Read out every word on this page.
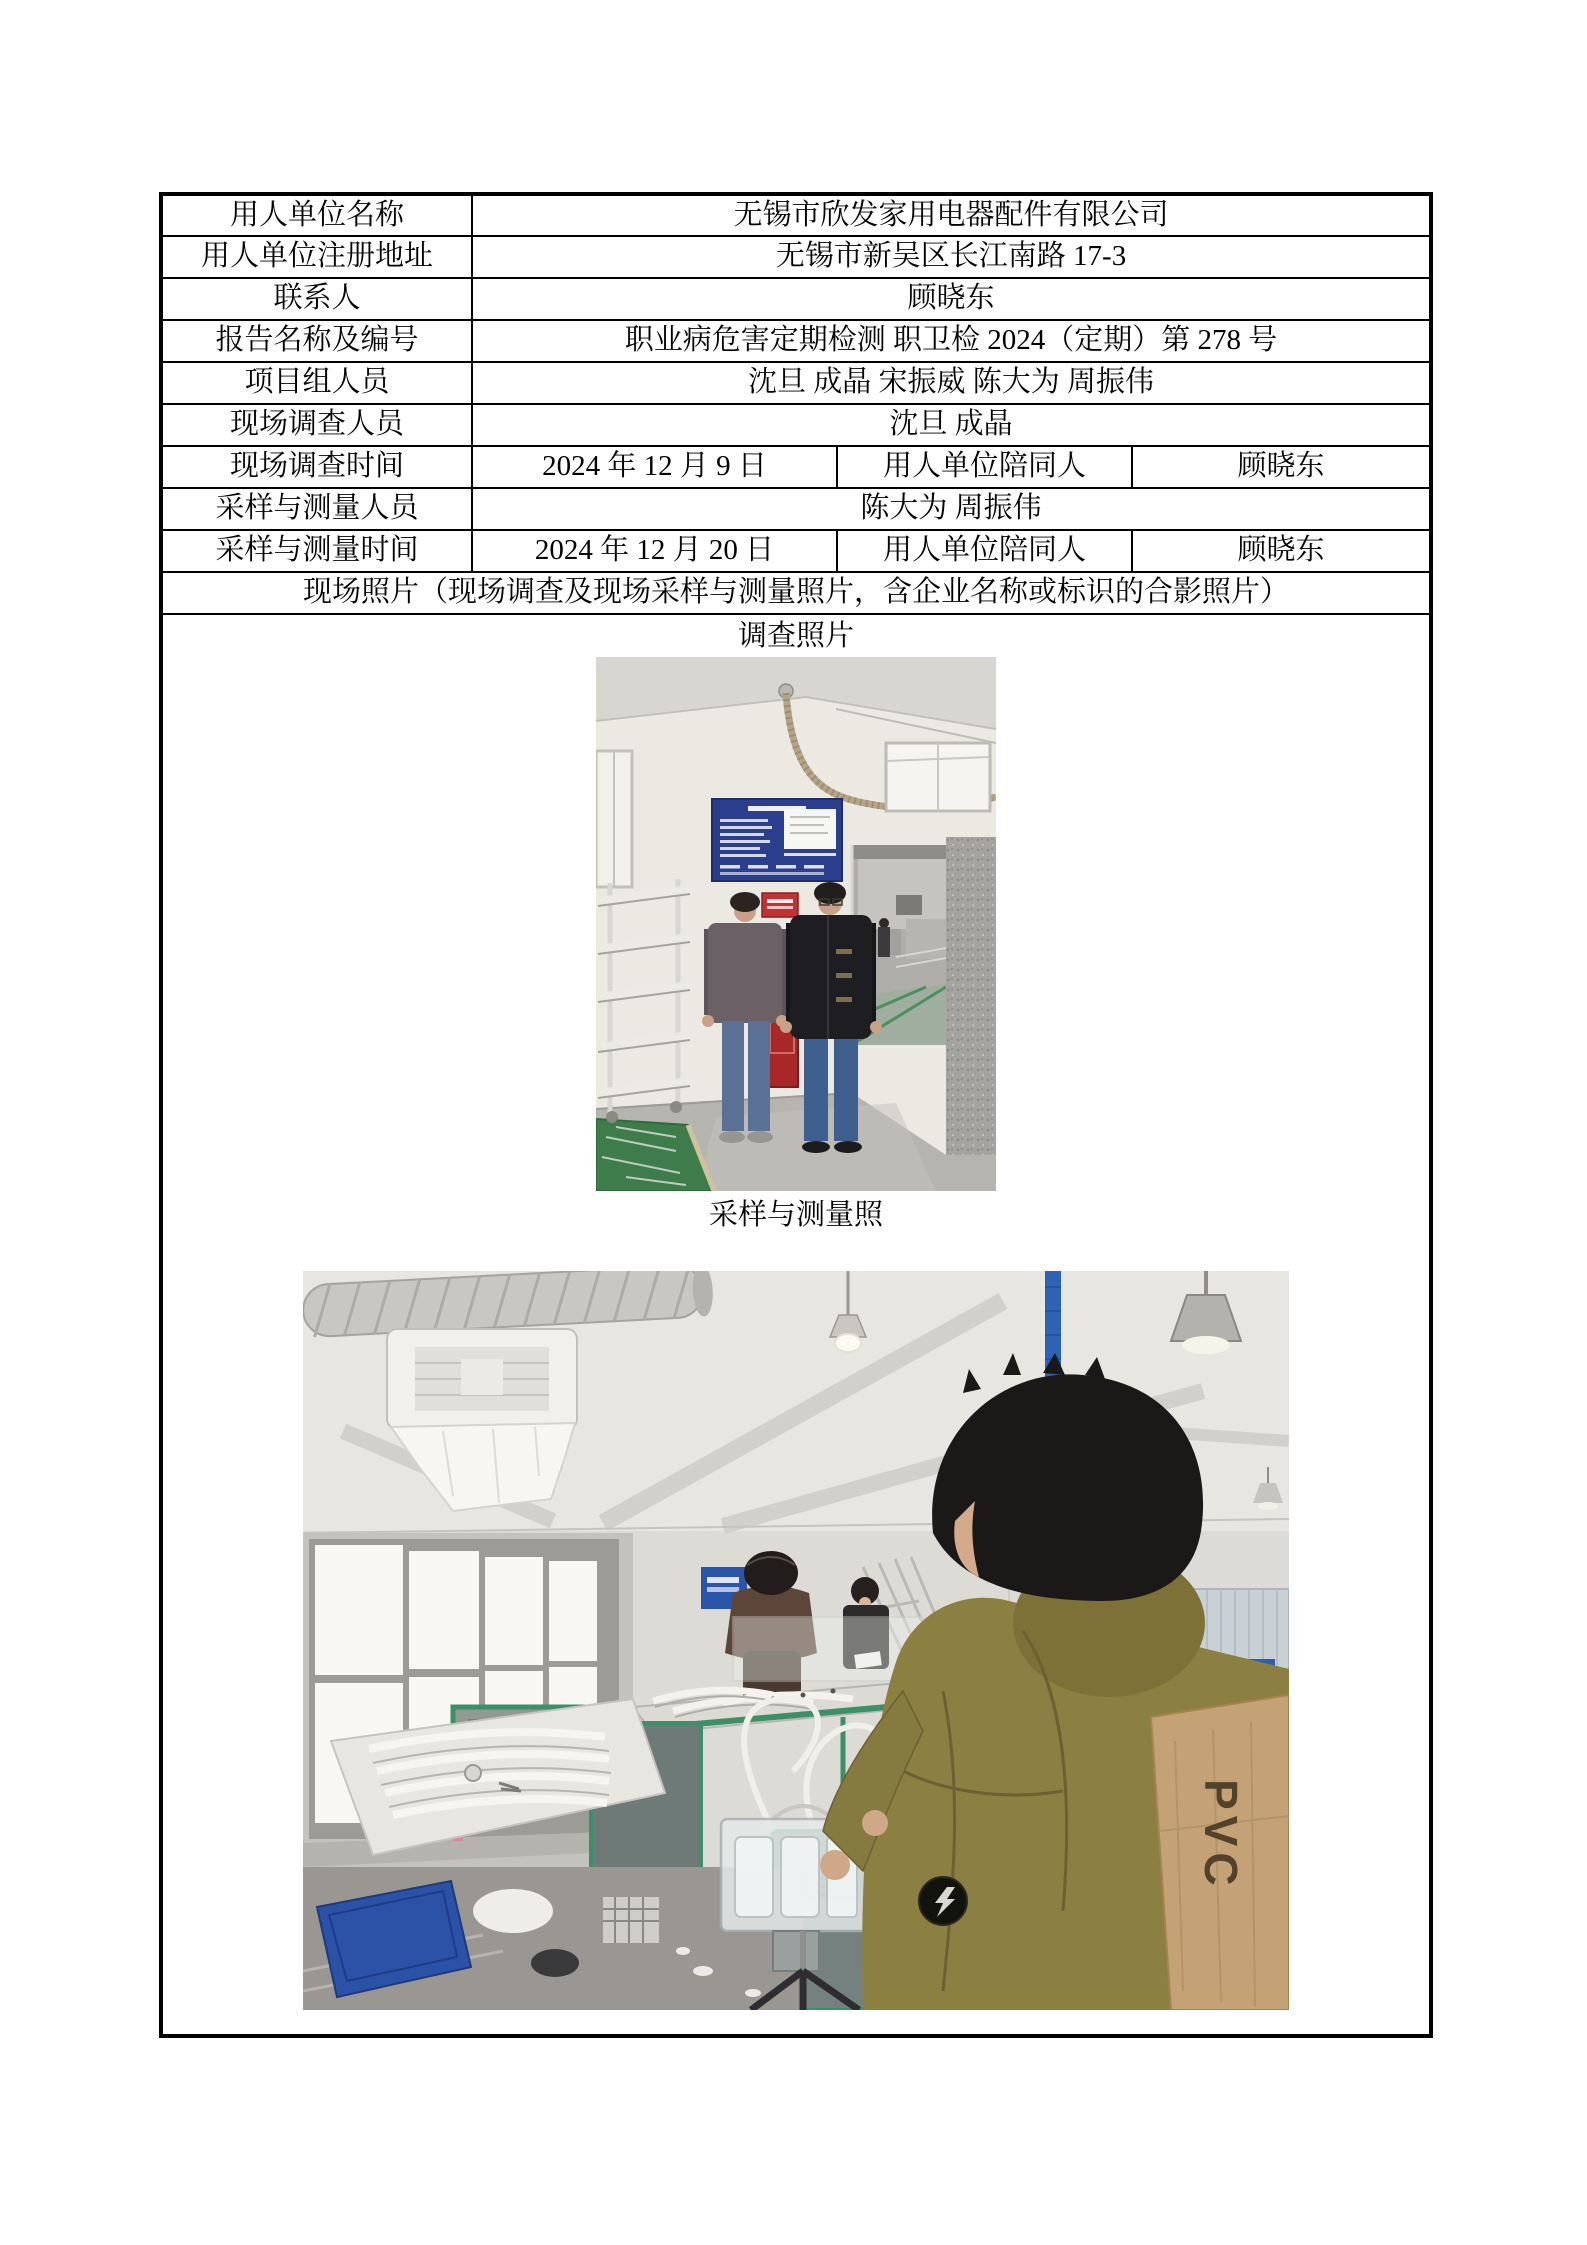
用人单位名称	无锡市欣发家用电器配件有限公司		
用人单位注册地址	无锡市新吴区长江南路 17-3		
联系人	顾晓东		
报告名称及编号	职业病危害定期检测 职卫检 2024（定期）第 278 号		
项目组人员	沈旦 成晶 宋振威 陈大为 周振伟		
现场调查人员	沈旦 成晶		
现场调查时间	2024 年 12 月 9 日	用人单位陪同人	顾晓东
采样与测量人员	陈大为 周振伟		
采样与测量时间	2024 年 12 月 20 日	用人单位陪同人	顾晓东
现场照片（现场调查及现场采样与测量照片，含企业名称或标识的合影照片）			

调查照片
采样与测量照
PVC			
